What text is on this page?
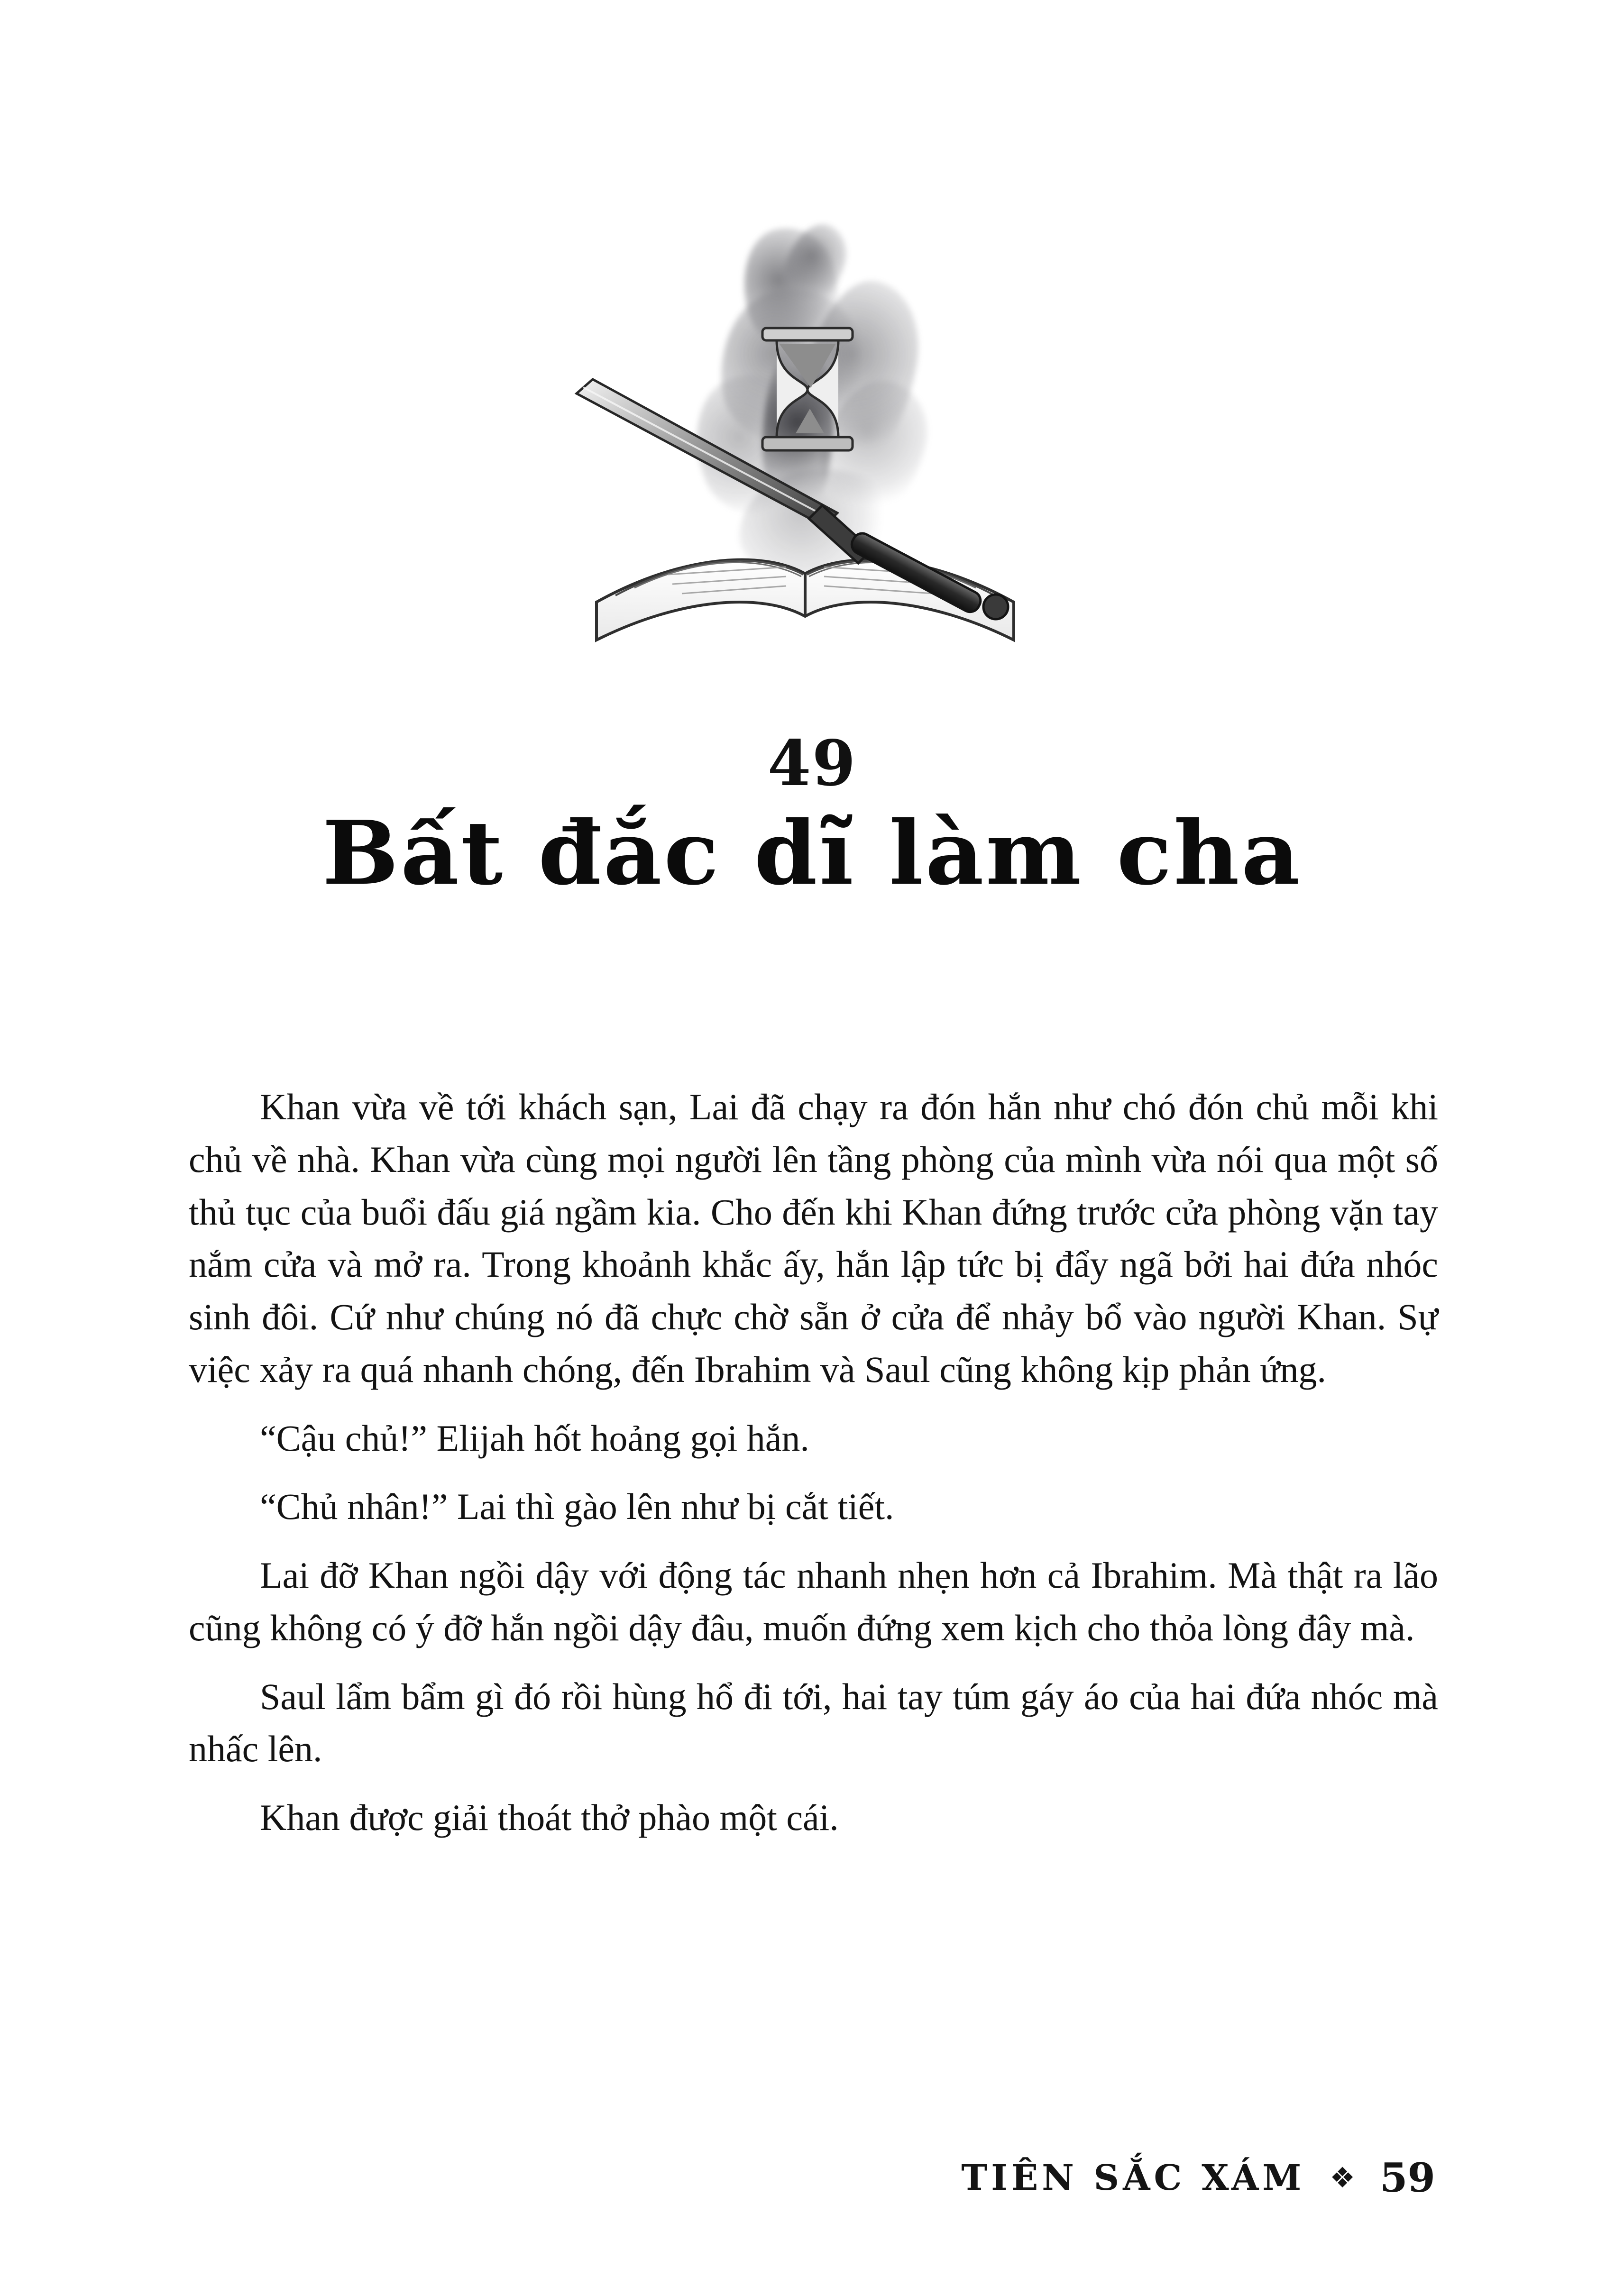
49
Bất đắc dĩ làm cha

Khan vừa về tới khách sạn, Lai đã chạy ra đón hắn như chó đón chủ mỗi khi chủ về nhà. Khan vừa cùng mọi người lên tầng phòng của mình vừa nói qua một số thủ tục của buổi đấu giá ngầm kia. Cho đến khi Khan đứng trước cửa phòng vặn tay nắm cửa và mở ra. Trong khoảnh khắc ấy, hắn lập tức bị đẩy ngã bởi hai đứa nhóc sinh đôi. Cứ như chúng nó đã chực chờ sẵn ở cửa để nhảy bổ vào người Khan. Sự việc xảy ra quá nhanh chóng, đến Ibrahim và Saul cũng không kịp phản ứng.

“Cậu chủ!” Elijah hốt hoảng gọi hắn.

“Chủ nhân!” Lai thì gào lên như bị cắt tiết.

Lai đỡ Khan ngồi dậy với động tác nhanh nhẹn hơn cả Ibrahim. Mà thật ra lão cũng không có ý đỡ hắn ngồi dậy đâu, muốn đứng xem kịch cho thỏa lòng đây mà.

Saul lẩm bẩm gì đó rồi hùng hổ đi tới, hai tay túm gáy áo của hai đứa nhóc mà nhấc lên.

Khan được giải thoát thở phào một cái.

TIÊN SẮC XÁM ❖ 59
